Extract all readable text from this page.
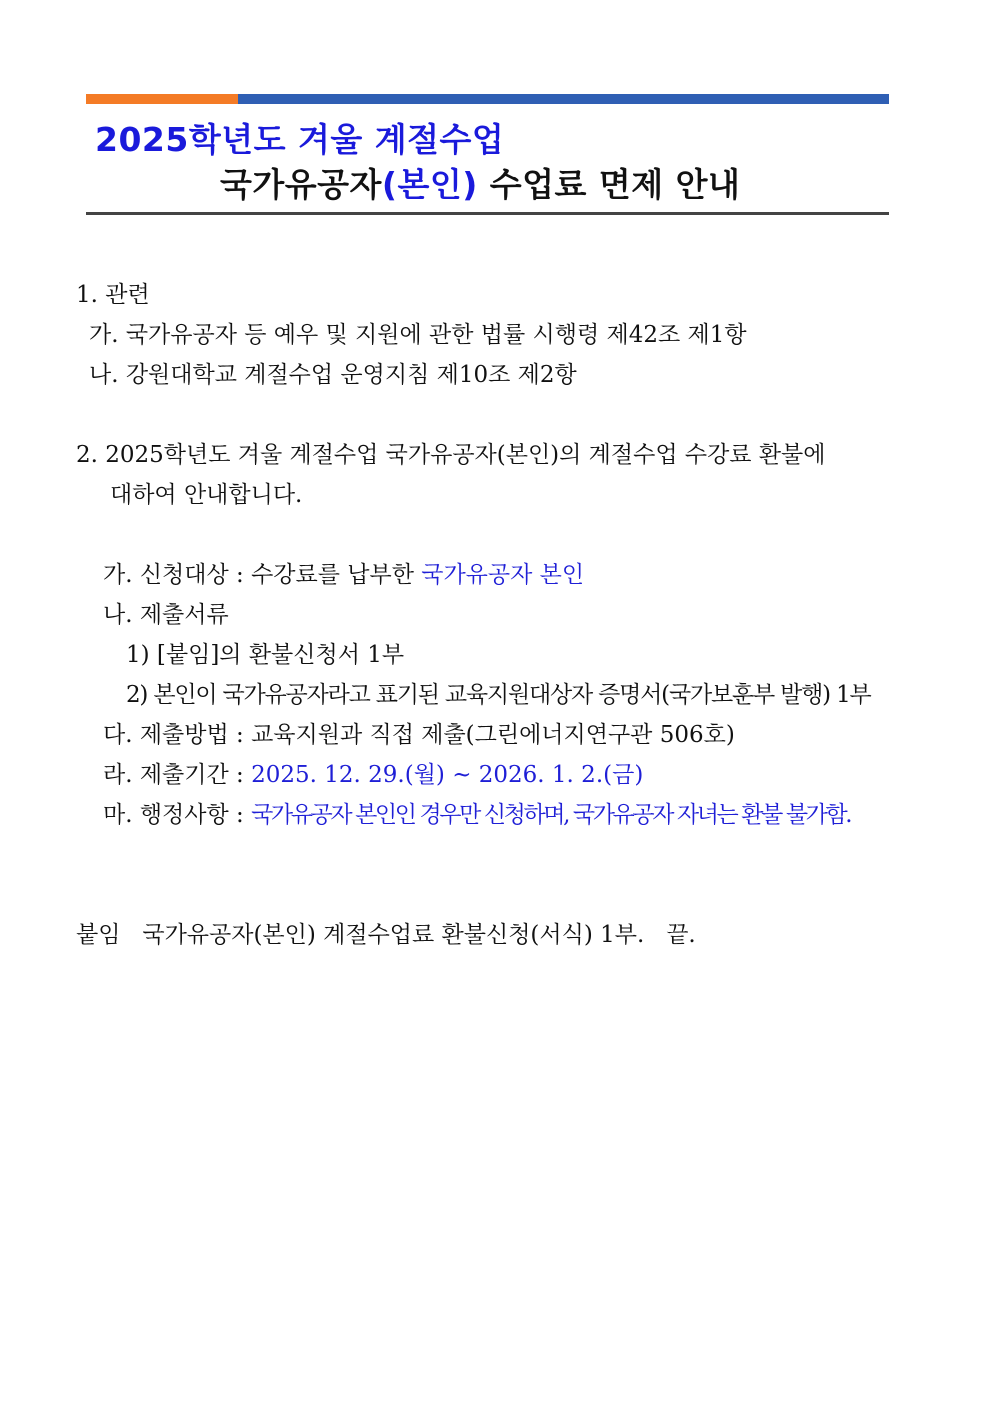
2025학년도 겨울 계절수업
국가유공자(본인) 수업료 면제 안내
1. 관련
가. 국가유공자 등 예우 및 지원에 관한 법률 시행령 제42조 제1항
나. 강원대학교 계절수업 운영지침 제10조 제2항
2. 2025학년도 겨울 계절수업 국가유공자(본인)의 계절수업 수강료 환불에
대하여 안내합니다.
가. 신청대상 : 수강료를 납부한 국가유공자 본인
나. 제출서류
1) [붙임]의 환불신청서 1부
2) 본인이 국가유공자라고 표기된 교육지원대상자 증명서(국가보훈부 발행) 1부
다. 제출방법 : 교육지원과 직접 제출(그린에너지연구관 506호)
라. 제출기간 : 2025. 12. 29.(월) ~ 2026. 1. 2.(금)
마. 행정사항 : 국가유공자 본인인 경우만 신청하며, 국가유공자 자녀는 환불 불가함.
붙임   국가유공자(본인) 계절수업료 환불신청(서식) 1부.   끝.
